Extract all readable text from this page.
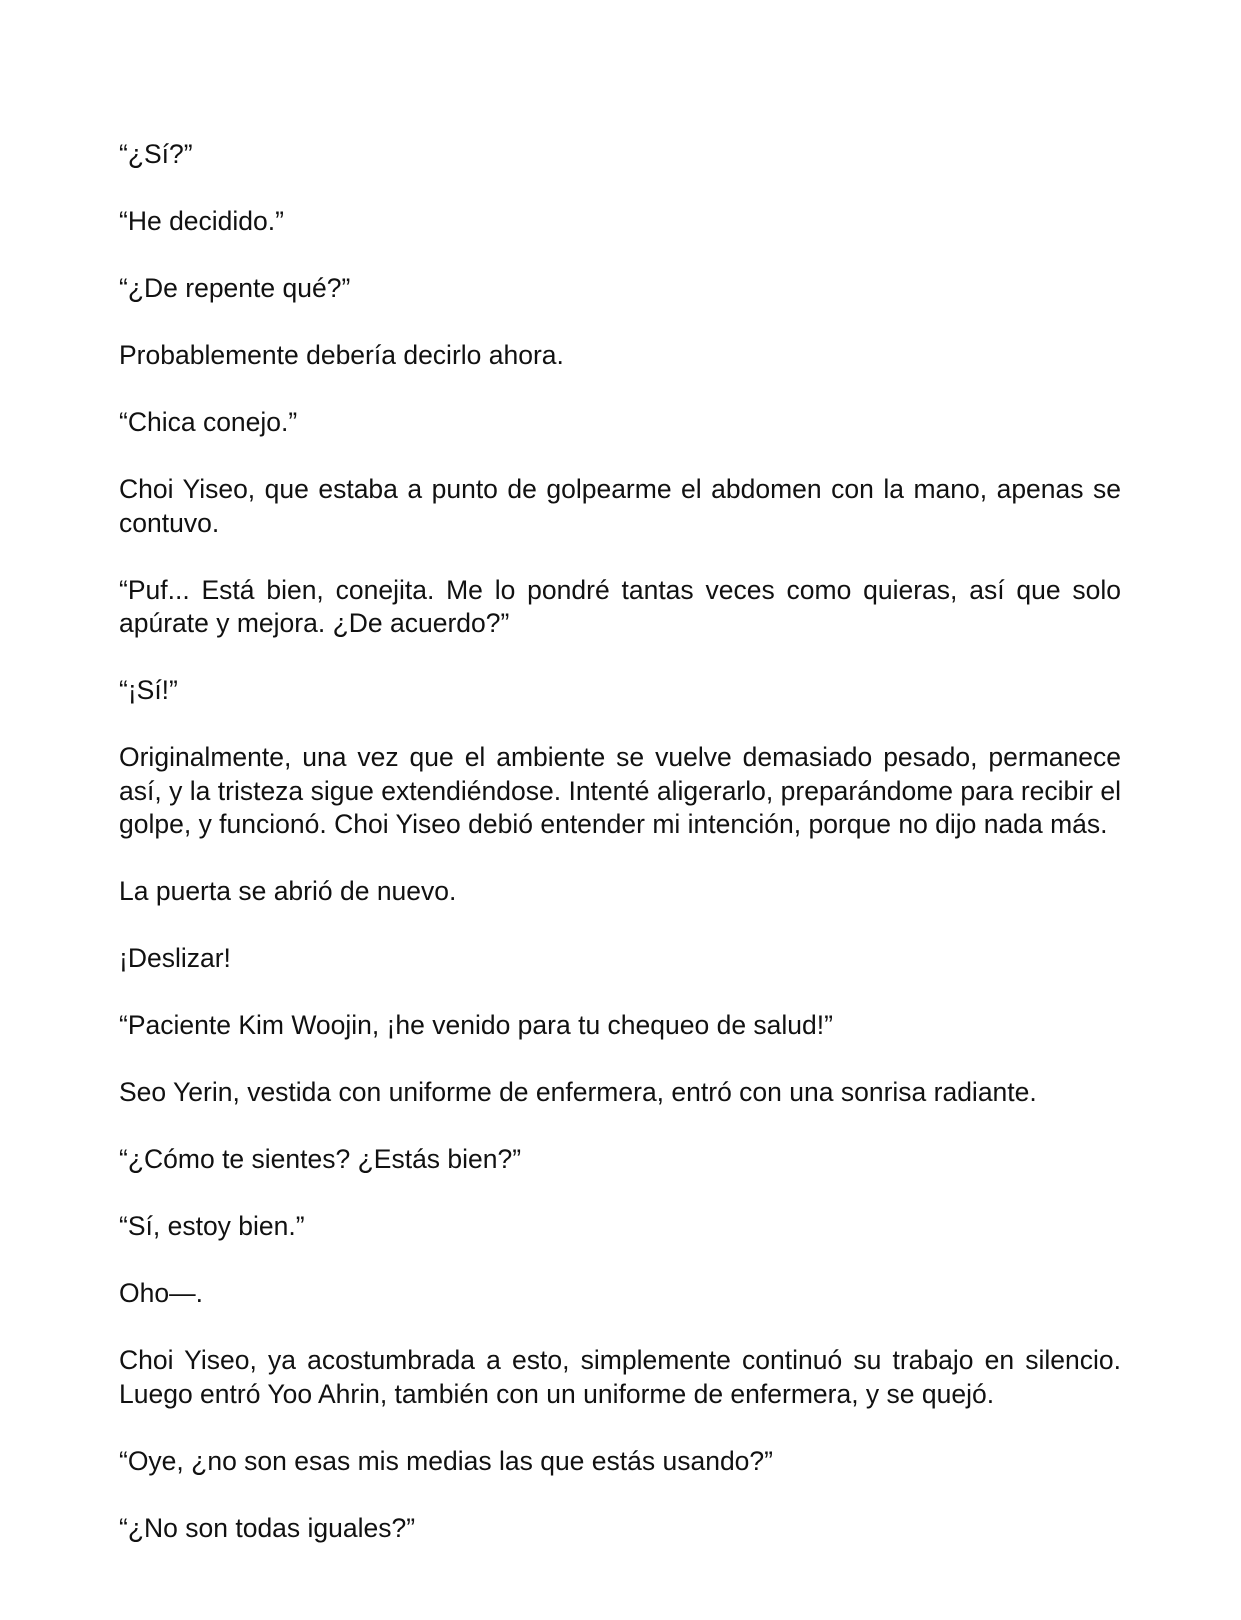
“¿Sí?”

“He decidido.”

“¿De repente qué?”

Probablemente debería decirlo ahora.

“Chica conejo.”

Choi Yiseo, que estaba a punto de golpearme el abdomen con la mano, apenas se contuvo.

“Puf... Está bien, conejita. Me lo pondré tantas veces como quieras, así que solo apúrate y mejora. ¿De acuerdo?”

“¡Sí!”

Originalmente, una vez que el ambiente se vuelve demasiado pesado, permanece así, y la tristeza sigue extendiéndose. Intenté aligerarlo, preparándome para recibir el golpe, y funcionó. Choi Yiseo debió entender mi intención, porque no dijo nada más.

La puerta se abrió de nuevo.

¡Deslizar!

“Paciente Kim Woojin, ¡he venido para tu chequeo de salud!”

Seo Yerin, vestida con uniforme de enfermera, entró con una sonrisa radiante.

“¿Cómo te sientes? ¿Estás bien?”

“Sí, estoy bien.”

Oho—.

Choi Yiseo, ya acostumbrada a esto, simplemente continuó su trabajo en silencio. Luego entró Yoo Ahrin, también con un uniforme de enfermera, y se quejó.

“Oye, ¿no son esas mis medias las que estás usando?”

“¿No son todas iguales?”
